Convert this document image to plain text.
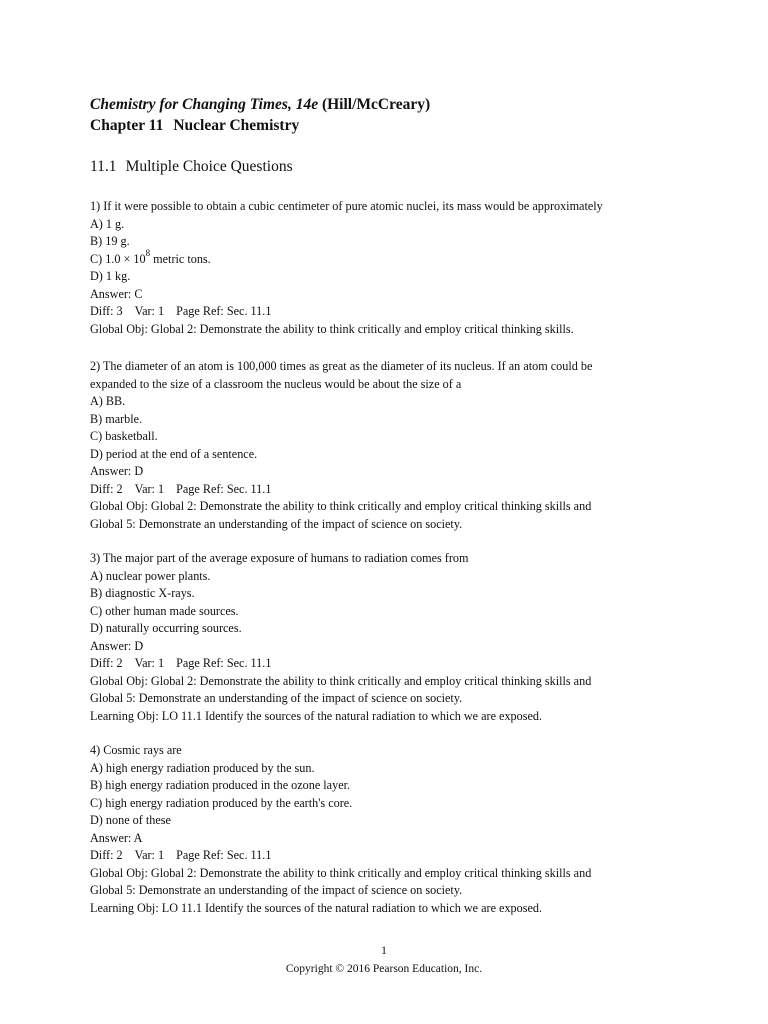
Chemistry for Changing Times, 14e (Hill/McCreary)
Chapter 11 Nuclear Chemistry
11.1 Multiple Choice Questions
1) If it were possible to obtain a cubic centimeter of pure atomic nuclei, its mass would be approximately
A) 1 g.
B) 19 g.
C) $1.0 \times 10^8$ metric tons.
D) 1 kg.
Answer: C
Diff: 3 Var: 1 Page Ref: Sec. 11.1
Global Obj: Global 2: Demonstrate the ability to think critically and employ critical thinking skills.
2) The diameter of an atom is 100,000 times as great as the diameter of its nucleus. If an atom could be
expanded to the size of a classroom the nucleus would be about the size of a
A) BB.
B) marble.
C) basketball.
D) period at the end of a sentence.
Answer: D
Diff: 2 Var: 1 Page Ref: Sec. 11.1
Global Obj: Global 2: Demonstrate the ability to think critically and employ critical thinking skills and
Global 5: Demonstrate an understanding of the impact of science on society.
3) The major part of the average exposure of humans to radiation comes from
A) nuclear power plants.
B) diagnostic X-rays.
C) other human made sources.
D) naturally occurring sources.
Answer: D
Diff: 2 Var: 1 Page Ref: Sec. 11.1
Global Obj: Global 2: Demonstrate the ability to think critically and employ critical thinking skills and
Global 5: Demonstrate an understanding of the impact of science on society.
Learning Obj: LO 11.1 Identify the sources of the natural radiation to which we are exposed.
4) Cosmic rays are
A) high energy radiation produced by the sun.
B) high energy radiation produced in the ozone layer.
C) high energy radiation produced by the earth's core.
D) none of these
Answer: A
Diff: 2 Var: 1 Page Ref: Sec. 11.1
Global Obj: Global 2: Demonstrate the ability to think critically and employ critical thinking skills and
Global 5: Demonstrate an understanding of the impact of science on society.
Learning Obj: LO 11.1 Identify the sources of the natural radiation to which we are exposed.
1
Copyright © 2016 Pearson Education, Inc.
